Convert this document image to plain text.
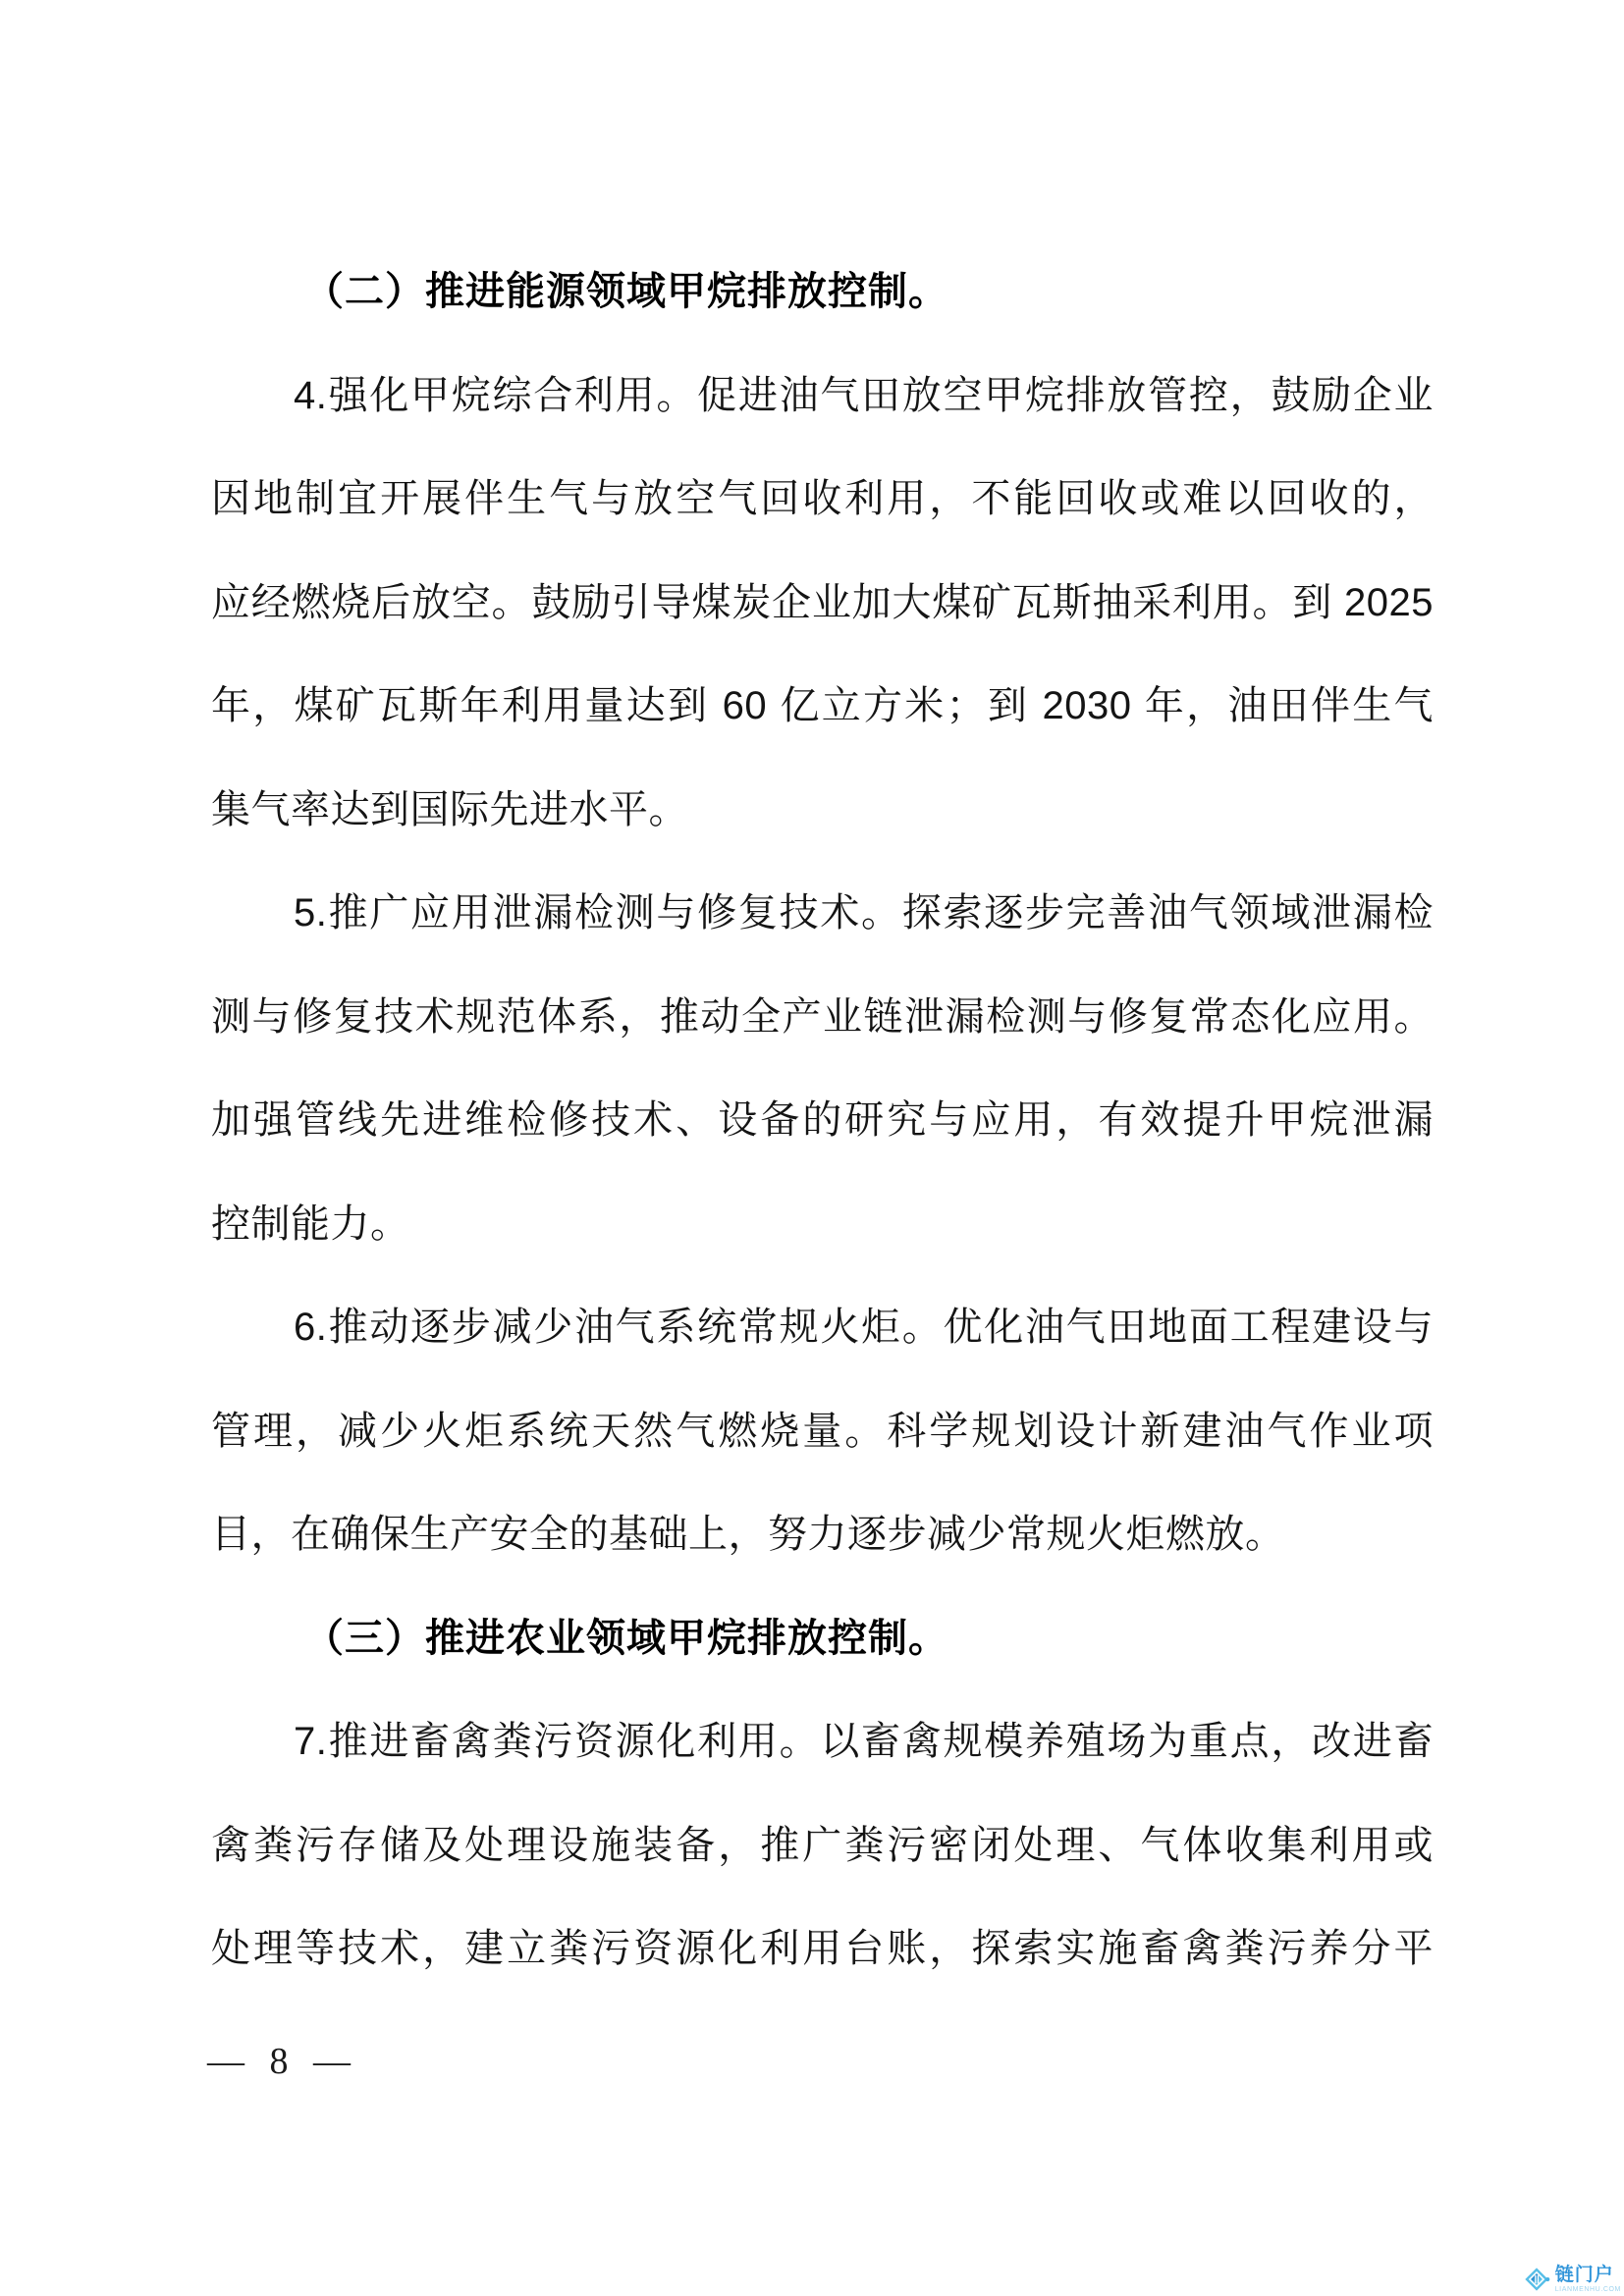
（二）推进能源领域甲烷排放控制。
4.强化甲烷综合利用。促进油气田放空甲烷排放管控，鼓励企业
因地制宜开展伴生气与放空气回收利用，不能回收或难以回收的，
应经燃烧后放空。鼓励引导煤炭企业加大煤矿瓦斯抽采利用。到 2025
年，煤矿瓦斯年利用量达到 60 亿立方米；到 2030 年，油田伴生气
集气率达到国际先进水平。
5.推广应用泄漏检测与修复技术。探索逐步完善油气领域泄漏检
测与修复技术规范体系，推动全产业链泄漏检测与修复常态化应用。
加强管线先进维检修技术、设备的研究与应用，有效提升甲烷泄漏
控制能力。
6.推动逐步减少油气系统常规火炬。优化油气田地面工程建设与
管理，减少火炬系统天然气燃烧量。科学规划设计新建油气作业项
目，在确保生产安全的基础上，努力逐步减少常规火炬燃放。
（三）推进农业领域甲烷排放控制。
7.推进畜禽粪污资源化利用。以畜禽规模养殖场为重点，改进畜
禽粪污存储及处理设施装备，推广粪污密闭处理、气体收集利用或
处理等技术，建立粪污资源化利用台账，探索实施畜禽粪污养分平
— 8 —
链门户
LIANMENHU.COM
